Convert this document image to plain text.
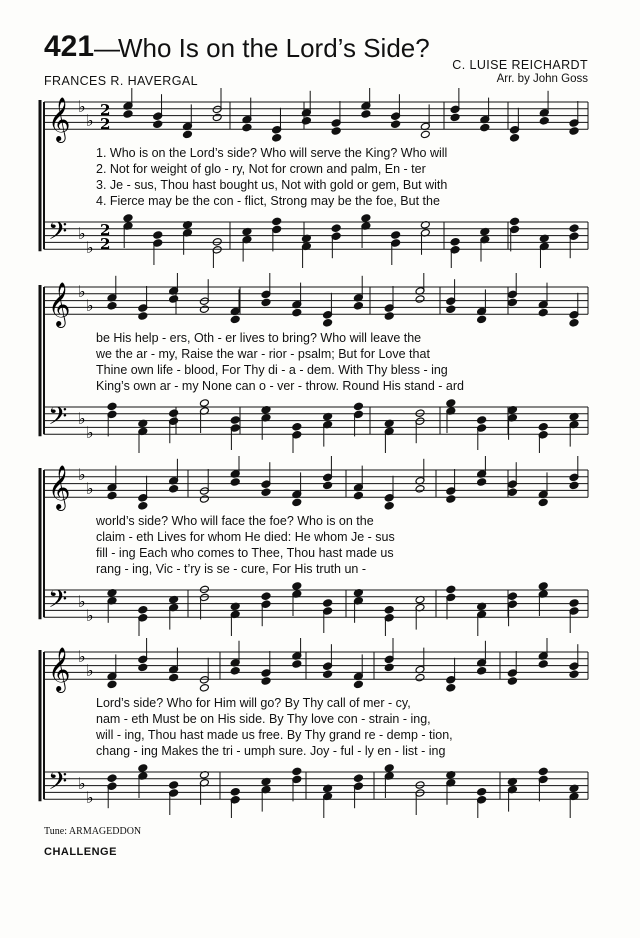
421 —
Who Is on the Lord’s Side?
C. LUISE REICHARDT
Arr. by John Goss
FRANCES R. HAVERGAL
𝄞
𝄢
♭
♭
♭
♭
2
2
2
2
1. Who is on the Lord’s side? Who will serve the King? Who will
2. Not for weight of glo - ry, Not for crown and palm, En - ter
3. Je - sus, Thou hast bought us, Not with gold or gem, But with
4. Fierce may be the con - flict, Strong may be the foe, But the
𝄞
𝄢
♭
♭
♭
♭
be His help - ers, Oth - er lives to bring? Who will leave the
we the ar - my, Raise the war - rior - psalm; But for Love that
Thine own life - blood, For Thy di - a - dem. With Thy bless - ing
King’s own ar - my None can o - ver - throw. Round His stand - ard
𝄞
𝄢
♭
♭
♭
♭
world’s side? Who will face the foe? Who is on the
claim - eth Lives for whom He died: He whom Je - sus
fill - ing Each who comes to Thee, Thou hast made us
rang - ing, Vic - t’ry is se - cure, For His truth un -
𝄞
𝄢
♭
♭
♭
♭
Lord’s side? Who for Him will go? By Thy call of mer - cy,
nam - eth Must be on His side. By Thy love con - strain - ing,
will - ing, Thou hast made us free. By Thy grand re - demp - tion,
chang - ing Makes the tri - umph sure. Joy - ful - ly en - list - ing
Tune: ARMAGEDDON
CHALLENGE
